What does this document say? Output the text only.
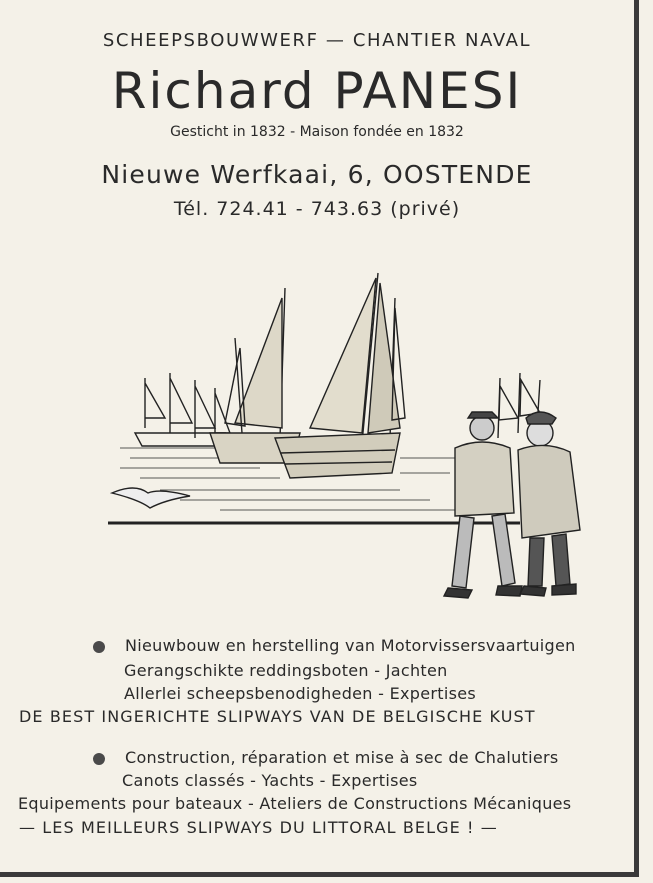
SCHEEPSBOUWWERF — CHANTIER NAVAL
Richard PANESI
Gesticht in 1832 - Maison fondée en 1832
Nieuwe Werfkaai, 6, OOSTENDE
Tél. 724.41 - 743.63 (privé)
Nieuwbouw en herstelling van Motorvissersvaartuigen
Gerangschikte reddingsboten - Jachten
Allerlei scheepsbenodigheden - Expertises
DE BEST INGERICHTE SLIPWAYS VAN DE BELGISCHE KUST
Construction, réparation et mise à sec de Chalutiers
Canots classés - Yachts - Expertises
Equipements pour bateaux - Ateliers de Constructions Mécaniques
— LES MEILLEURS SLIPWAYS DU LITTORAL BELGE ! —
